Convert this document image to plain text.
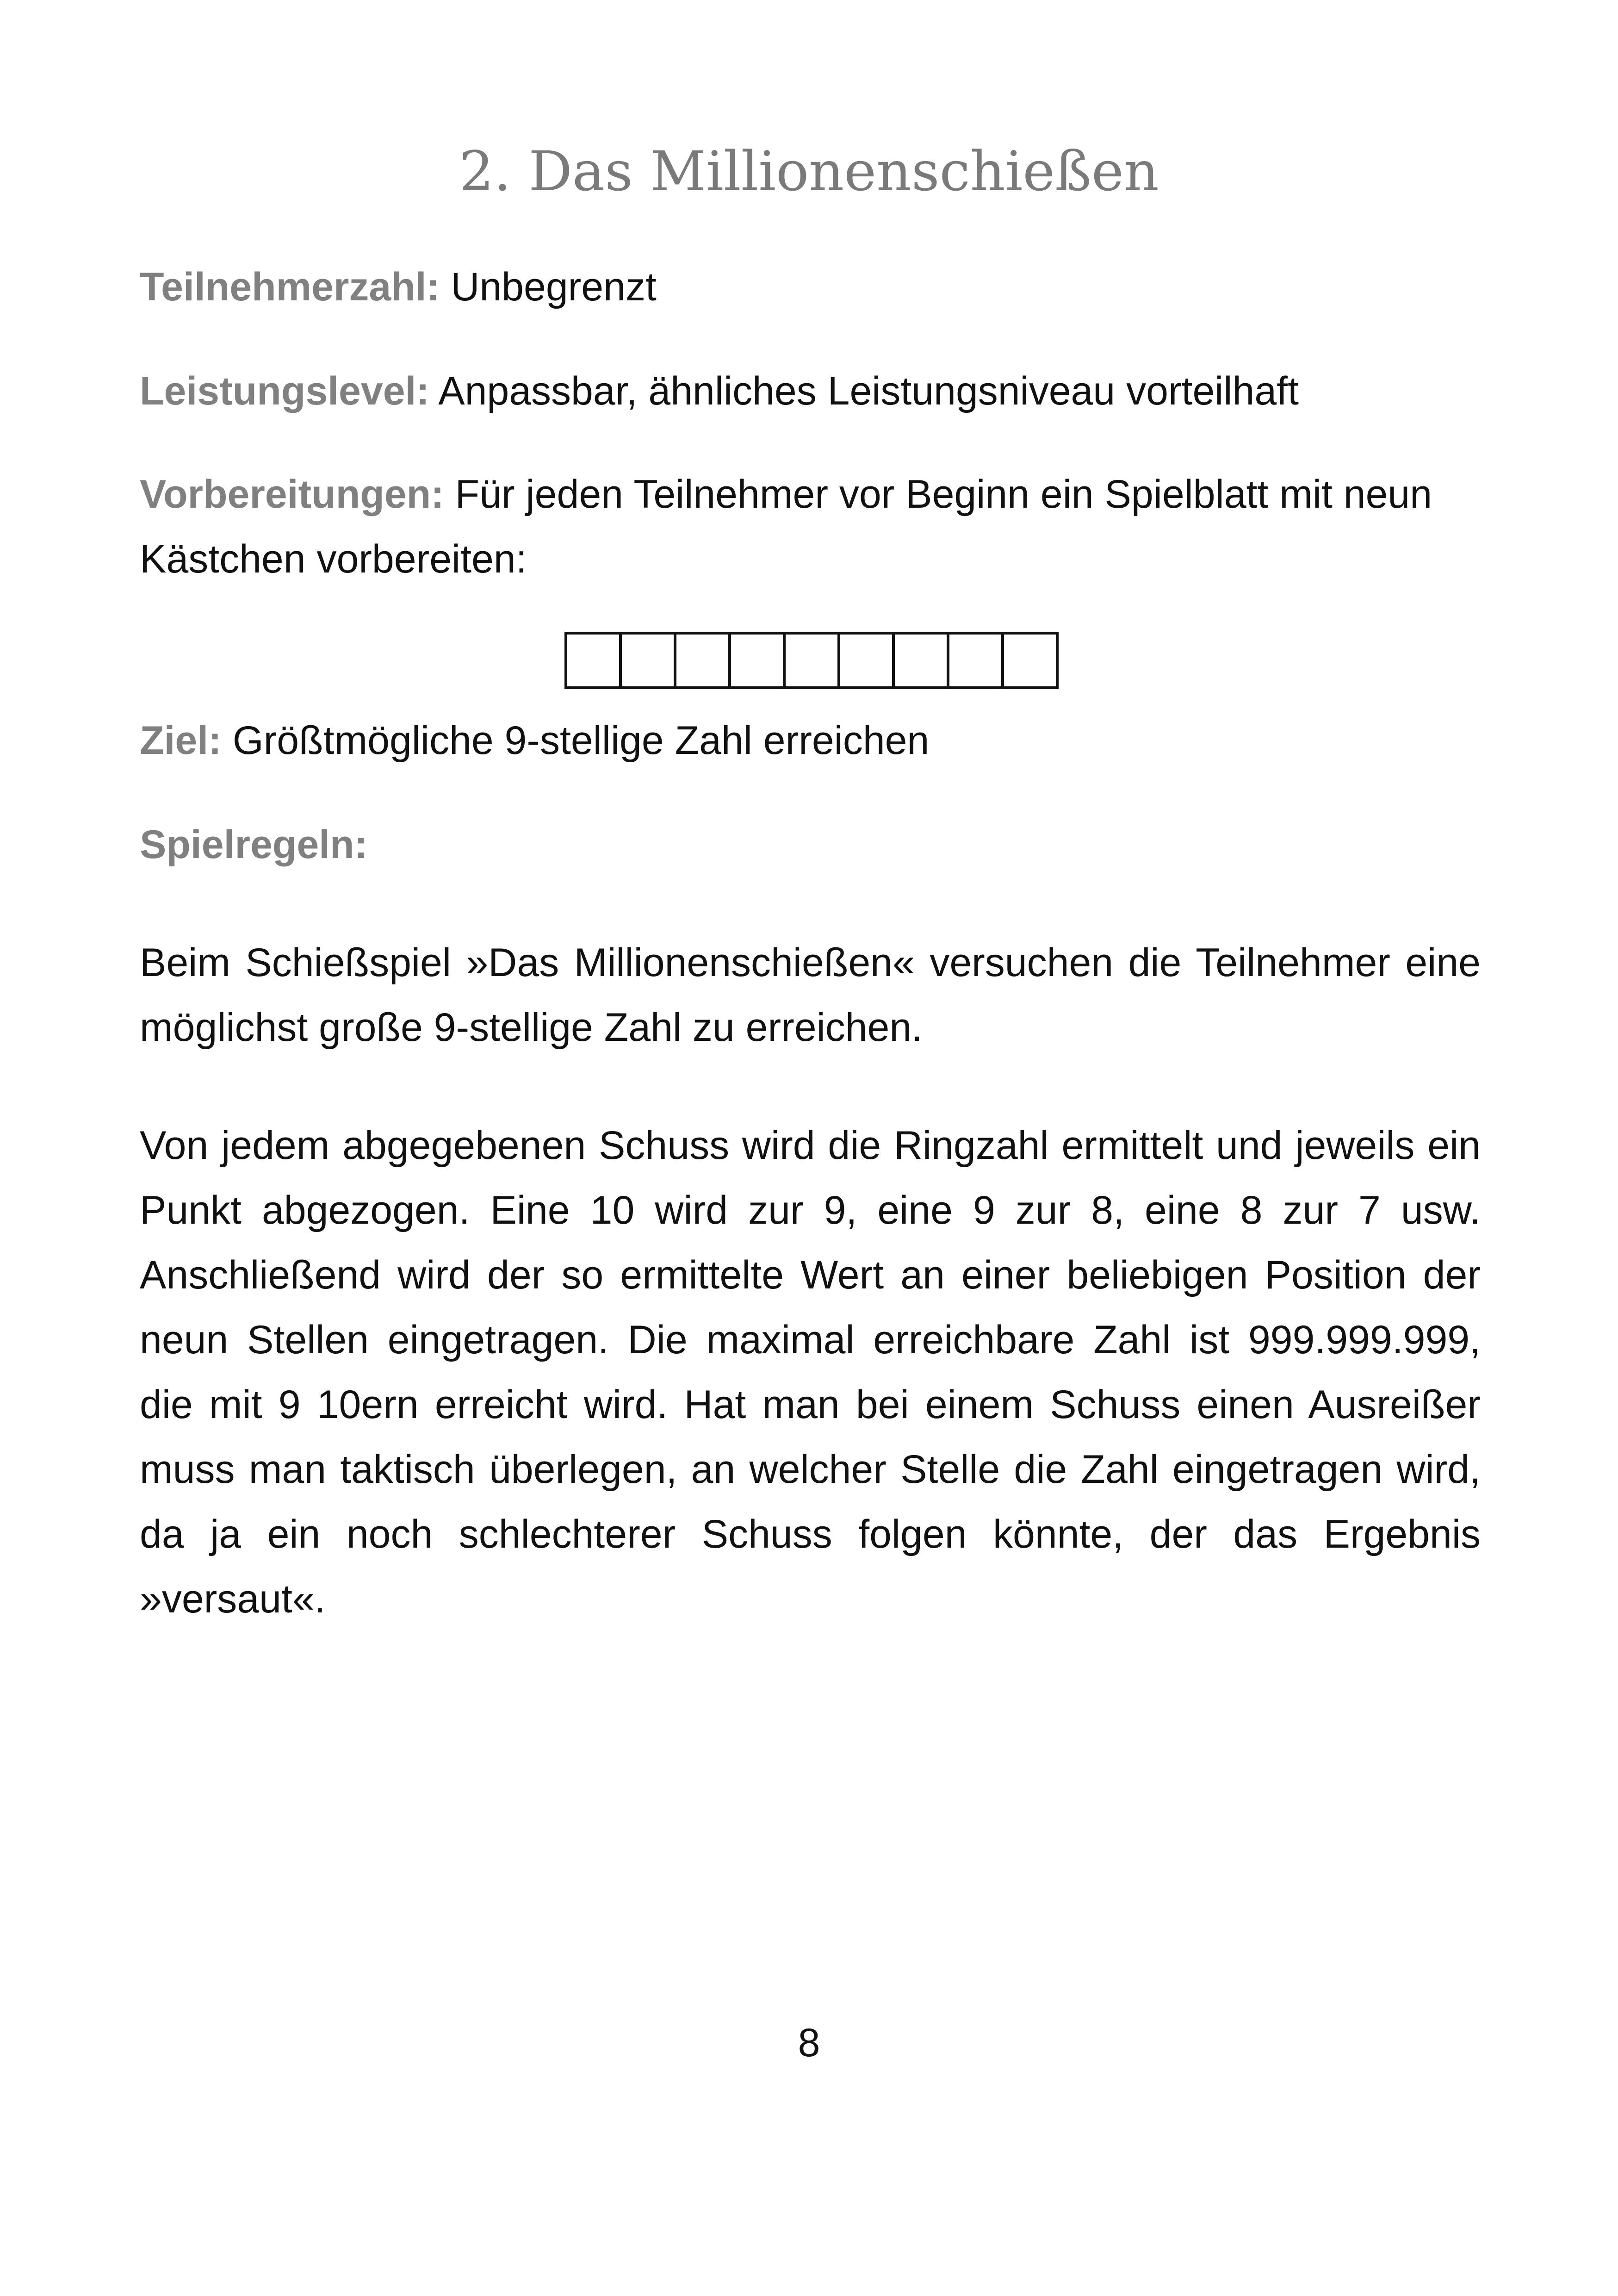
2. Das Millionenschießen

Teilnehmerzahl: Unbegrenzt

Leistungslevel: Anpassbar, ähnliches Leistungsniveau vorteilhaft

Vorbereitungen: Für jeden Teilnehmer vor Beginn ein Spielblatt mit neun Kästchen vorbereiten:

Ziel: Größtmögliche 9-stellige Zahl erreichen

Spielregeln:

Beim Schießspiel »Das Millionenschießen« versuchen die Teilnehmer eine möglichst große 9-stellige Zahl zu erreichen.

Von jedem abgegebenen Schuss wird die Ringzahl ermittelt und jeweils ein Punkt abgezogen. Eine 10 wird zur 9, eine 9 zur 8, eine 8 zur 7 usw. Anschließend wird der so ermittelte Wert an einer beliebigen Position der neun Stellen eingetragen. Die maximal erreichbare Zahl ist 999.999.999, die mit 9 10ern erreicht wird. Hat man bei einem Schuss einen Ausreißer muss man taktisch überlegen, an welcher Stelle die Zahl eingetragen wird, da ja ein noch schlechterer Schuss folgen könnte, der das Ergebnis »versaut«.

8
